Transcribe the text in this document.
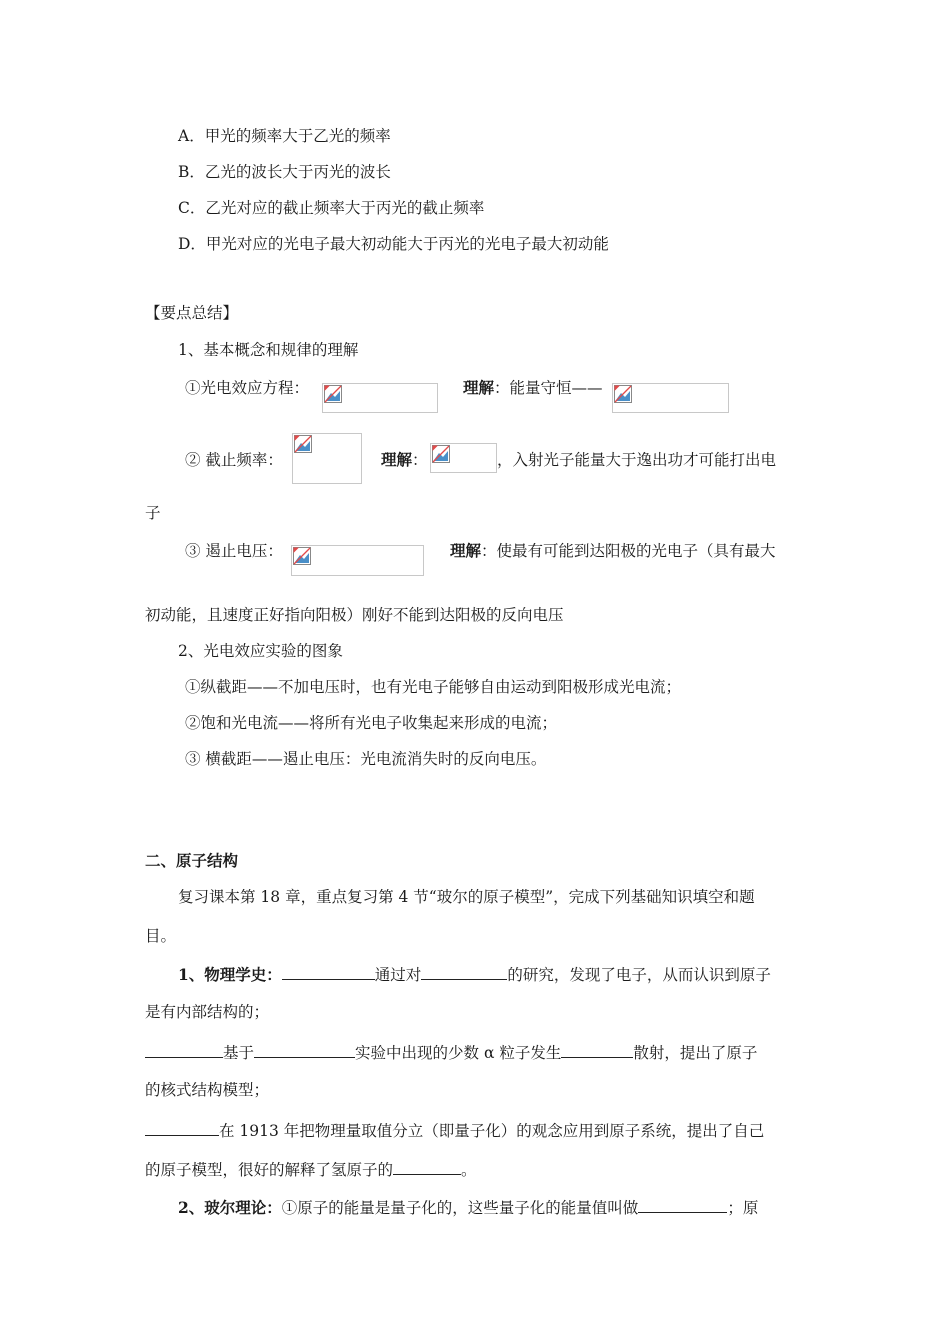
A．甲光的频率大于乙光的频率
B．乙光的波长大于丙光的波长
C．乙光对应的截止频率大于丙光的截止频率
D．甲光对应的光电子最大初动能大于丙光的光电子最大初动能
【要点总结】
1、基本概念和规律的理解
①光电效应方程：	理解：能量守恒——
② 截止频率：	理解：	，入射光子能量大于逸出功才可能打出电
子
③ 遏止电压：	理解：使最有可能到达阳极的光电子（具有最大
初动能，且速度正好指向阳极）刚好不能到达阳极的反向电压
2、光电效应实验的图象
①纵截距——不加电压时，也有光电子能够自由运动到阳极形成光电流；
②饱和光电流——将所有光电子收集起来形成的电流；
③ 横截距——遏止电压：光电流消失时的反向电压。
二、原子结构
复习课本第 18 章，重点复习第 4 节“玻尔的原子模型”，完成下列基础知识填空和题
目。
1、物理学史：	通过对	的研究，发现了电子，从而认识到原子
是有内部结构的；
基于	实验中出现的少数 α 粒子发生	散射，提出了原子
的核式结构模型；
在 1913 年把物理量取值分立（即量子化）的观念应用到原子系统，提出了自己
的原子模型，很好的解释了氢原子的	。
2、玻尔理论：①原子的能量是量子化的，这些量子化的能量值叫做	；原
